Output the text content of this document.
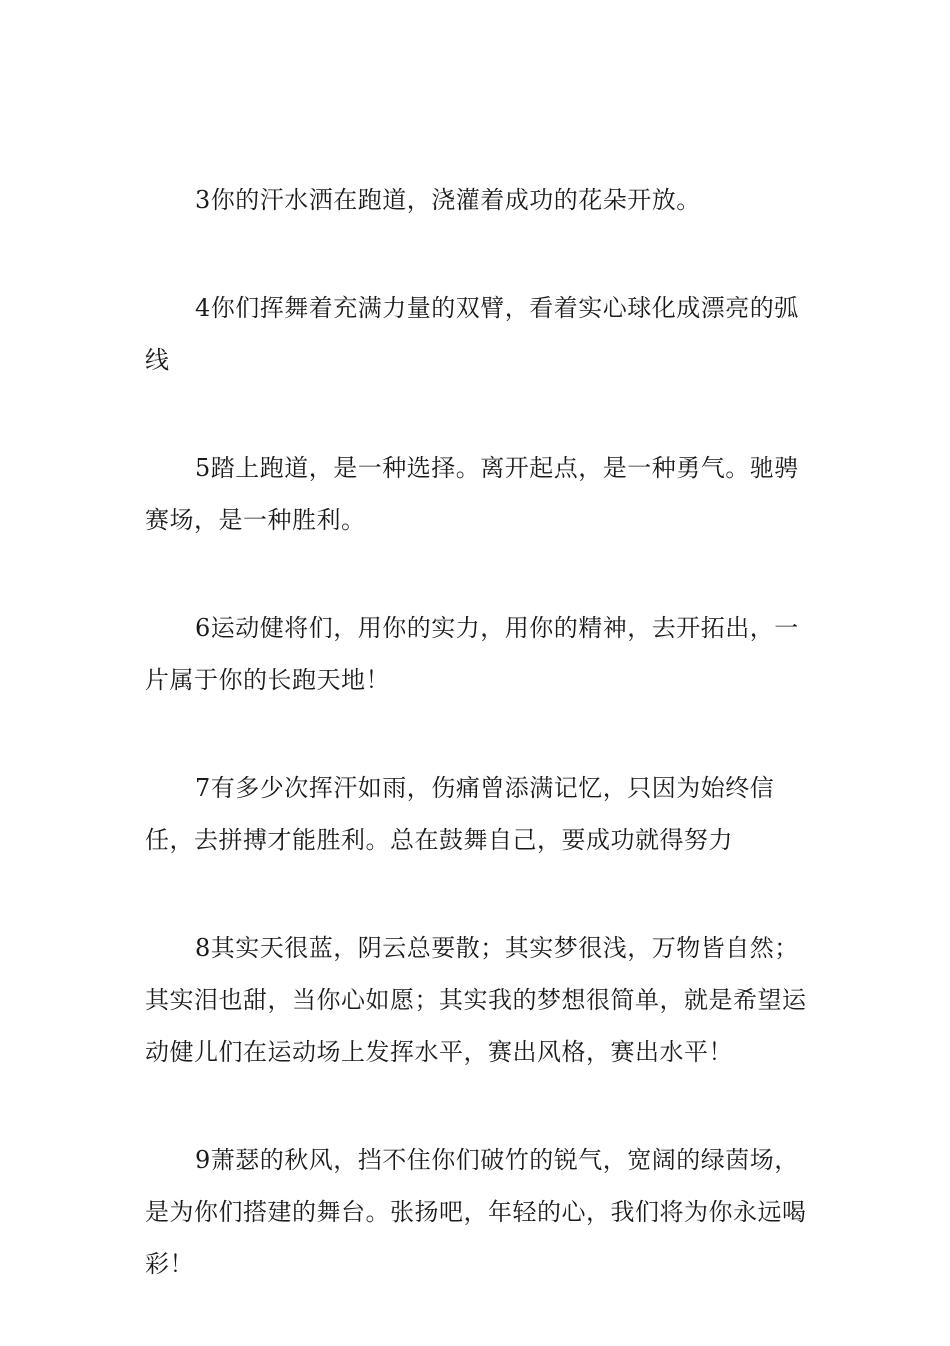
3你的汗水洒在跑道，浇灌着成功的花朵开放。

4你们挥舞着充满力量的双臂，看着实心球化成漂亮的弧线

5踏上跑道，是一种选择。离开起点，是一种勇气。驰骋赛场，是一种胜利。

6运动健将们，用你的实力，用你的精神，去开拓出，一片属于你的长跑天地！

7有多少次挥汗如雨，伤痛曾添满记忆，只因为始终信任，去拼搏才能胜利。总在鼓舞自己，要成功就得努力

8其实天很蓝，阴云总要散；其实梦很浅，万物皆自然；其实泪也甜，当你心如愿；其实我的梦想很简单，就是希望运动健儿们在运动场上发挥水平，赛出风格，赛出水平！

9萧瑟的秋风，挡不住你们破竹的锐气，宽阔的绿茵场，是为你们搭建的舞台。张扬吧，年轻的心，我们将为你永远喝彩！
